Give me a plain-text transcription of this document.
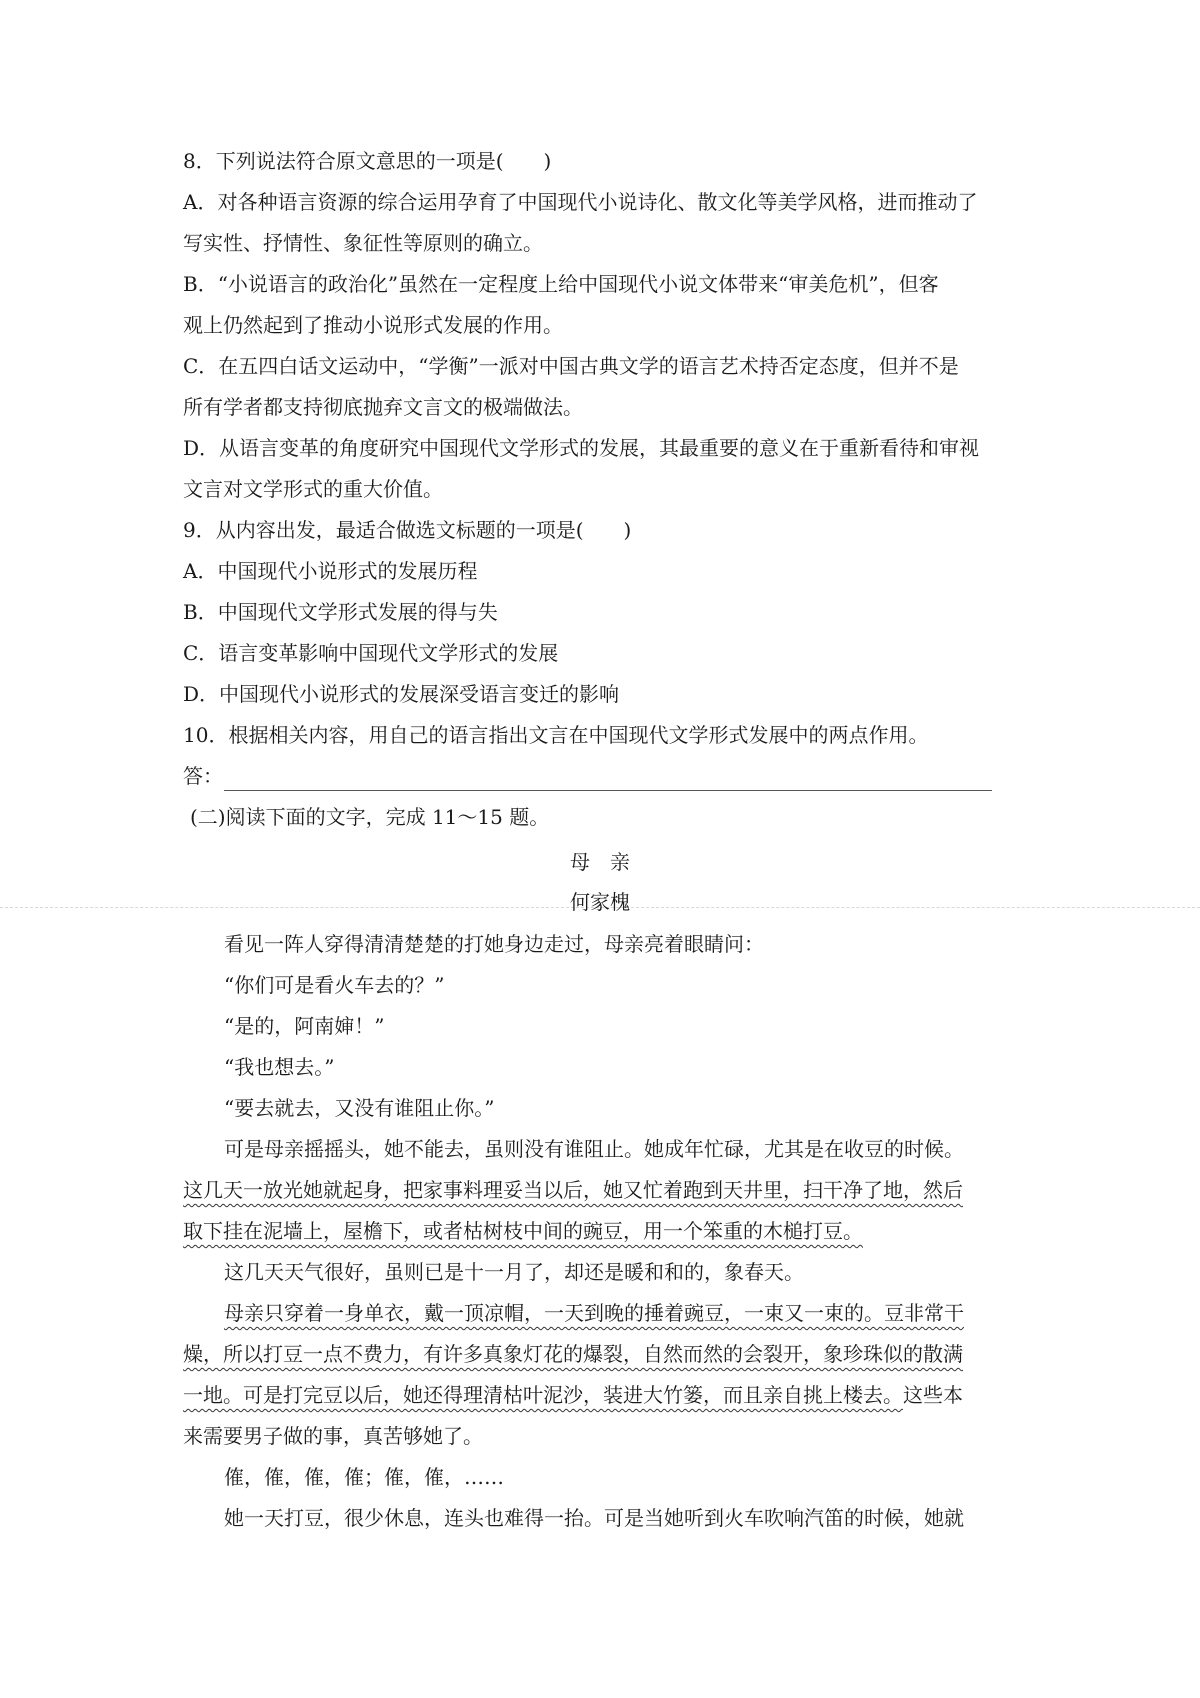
8．下列说法符合原文意思的一项是(　　)
A．对各种语言资源的综合运用孕育了中国现代小说诗化、散文化等美学风格，进而推动了
写实性、抒情性、象征性等原则的确立。
B．“小说语言的政治化”虽然在一定程度上给中国现代小说文体带来“审美危机”，但客
观上仍然起到了推动小说形式发展的作用。
C．在五四白话文运动中，“学衡”一派对中国古典文学的语言艺术持否定态度，但并不是
所有学者都支持彻底抛弃文言文的极端做法。
D．从语言变革的角度研究中国现代文学形式的发展，其最重要的意义在于重新看待和审视
文言对文学形式的重大价值。
9．从内容出发，最适合做选文标题的一项是(　　)
A．中国现代小说形式的发展历程
B．中国现代文学形式发展的得与失
C．语言变革影响中国现代文学形式的发展
D．中国现代小说形式的发展深受语言变迁的影响
10．根据相关内容，用自己的语言指出文言在中国现代文学形式发展中的两点作用。
答：
(二)阅读下面的文字，完成 11～15 题。
母　亲
何家槐
看见一阵人穿得清清楚楚的打她身边走过，母亲亮着眼睛问：
“你们可是看火车去的？”
“是的，阿南婶！”
“我也想去。”
“要去就去，又没有谁阻止你。”
可是母亲摇摇头，她不能去，虽则没有谁阻止。她成年忙碌，尤其是在收豆的时候。
这几天一放光她就起身，把家事料理妥当以后，她又忙着跑到天井里，扫干净了地，然后
取下挂在泥墙上，屋檐下，或者枯树枝中间的豌豆，用一个笨重的木槌打豆。
这几天天气很好，虽则已是十一月了，却还是暖和和的，象春天。
母亲只穿着一身单衣，戴一顶凉帽，一天到晚的捶着豌豆，一束又一束的。豆非常干
燥，所以打豆一点不费力，有许多真象灯花的爆裂，自然而然的会裂开，象珍珠似的散满
一地。可是打完豆以后，她还得理清枯叶泥沙，装进大竹篓，而且亲自挑上楼去。这些本
来需要男子做的事，真苦够她了。
傕，傕，傕，傕；傕，傕，……
她一天打豆，很少休息，连头也难得一抬。可是当她听到火车吹响汽笛的时候，她就
